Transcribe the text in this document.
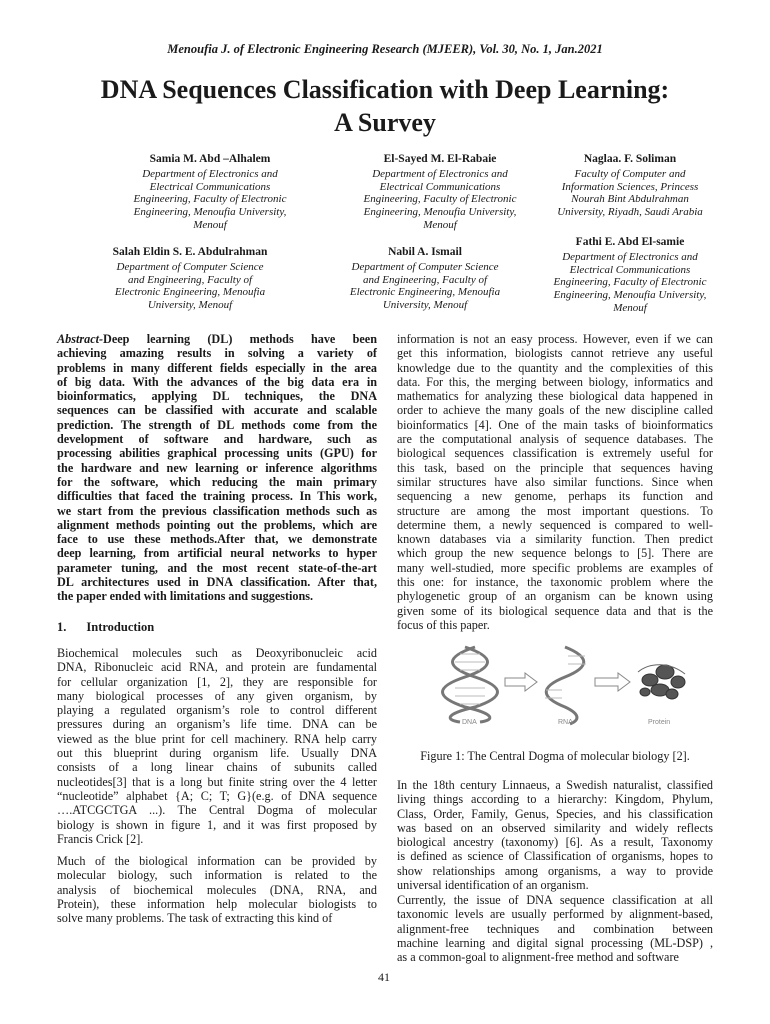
Menoufia J. of Electronic Engineering Research (MJEER), Vol. 30, No. 1, Jan.2021
DNA Sequences Classification with Deep Learning:
A Survey
Samia M. Abd –Alhalem
Department of Electronics and
Electrical Communications
Engineering, Faculty of Electronic
Engineering, Menoufia University,
Menouf
El-Sayed M. El-Rabaie
Department of Electronics and
Electrical Communications
Engineering, Faculty of Electronic
Engineering, Menoufia University,
Menouf
Naglaa. F. Soliman
Faculty of Computer and
Information Sciences, Princess
Nourah Bint Abdulrahman
University, Riyadh, Saudi Arabia
Salah Eldin S. E. Abdulrahman
Department of Computer Science
and Engineering, Faculty of
Electronic Engineering, Menoufia
University, Menouf
Nabil A. Ismail
Department of Computer Science
and Engineering, Faculty of
Electronic Engineering, Menoufia
University, Menouf
Fathi E. Abd El-samie
Department of Electronics and
Electrical Communications
Engineering, Faculty of Electronic
Engineering, Menoufia University,
Menouf
Abstract-Deep learning (DL) methods have been
achieving amazing results in solving a variety of
problems in many different fields especially in the area
of big data. With the advances of the big data era in
bioinformatics, applying DL techniques, the DNA
sequences can be classified with accurate and scalable
prediction. The strength of DL methods come from the
development of software and hardware, such as
processing abilities graphical processing units (GPU) for
the hardware and new learning or inference algorithms
for the software, which reducing the main primary
difficulties that faced the training process. In This work,
we start from the previous classification methods such as
alignment methods pointing out the problems, which are
face to use these methods.After that, we demonstrate
deep learning, from artificial neural networks to hyper
parameter tuning, and the most recent state-of-the-art
DL architectures used in DNA classification. After that,
the paper ended with limitations and suggestions.
1. Introduction
Biochemical molecules such as Deoxyribonucleic acid
DNA, Ribonucleic acid RNA, and protein are fundamental
for cellular organization [1, 2], they are responsible for
many biological processes of any given organism, by
playing a regulated organism’s role to control different
pressures during an organism’s life time. DNA can be
viewed as the blue print for cell machinery. RNA help carry
out this blueprint during organism life. Usually DNA
consists of a long linear chains of subunits called
nucleotides[3] that is a long but finite string over the 4 letter
“nucleotide” alphabet {A; C; T; G}(e.g. of DNA sequence
….ATCGCTGA ...). The Central Dogma of molecular
biology is shown in figure 1, and it was first proposed by
Francis Crick [2].
Much of the biological information can be provided by
molecular biology, such information is related to the
analysis of biochemical molecules (DNA, RNA, and
Protein), these information help molecular biologists to
solve many problems. The task of extracting this kind of
information is not an easy process. However, even if we can
get this information, biologists cannot retrieve any useful
knowledge due to the quantity and the complexities of this
data. For this, the merging between biology, informatics and
mathematics for analyzing these biological data happened in
order to achieve the many goals of the new discipline called
bioinformatics [4]. One of the main tasks of bioinformatics
are the computational analysis of sequence databases. The
biological sequences classification is extremely useful for
this task, based on the principle that sequences having
similar structures have also similar functions. Since when
sequencing a new genome, perhaps its function and
structure are among the most important questions. To
determine them, a newly sequenced is compared to well-
known databases via a similarity function. Then predict
which group the new sequence belongs to [5]. There are
many well-studied, more specific problems are examples of
this one: for instance, the taxonomic problem where the
phylogenetic group of an organism can be known using
given some of its biological sequence data and that is the
focus of this paper.
DNA	RNA	Protein
Figure 1: The Central Dogma of molecular biology [2].
In the 18th century Linnaeus, a Swedish naturalist, classified
living things according to a hierarchy: Kingdom, Phylum,
Class, Order, Family, Genus, Species, and his classification
was based on an observed similarity and widely reflects
biological ancestry (taxonomy) [6]. As a result, Taxonomy
is defined as science of Classification of organisms, hopes to
show relationships among organisms, a way to provide
universal identification of an organism.
Currently, the issue of DNA sequence classification at all
taxonomic levels are usually performed by alignment-based,
alignment-free techniques and combination between
machine learning and digital signal processing (ML-DSP) ,
as a common-goal to alignment-free method and software
41
